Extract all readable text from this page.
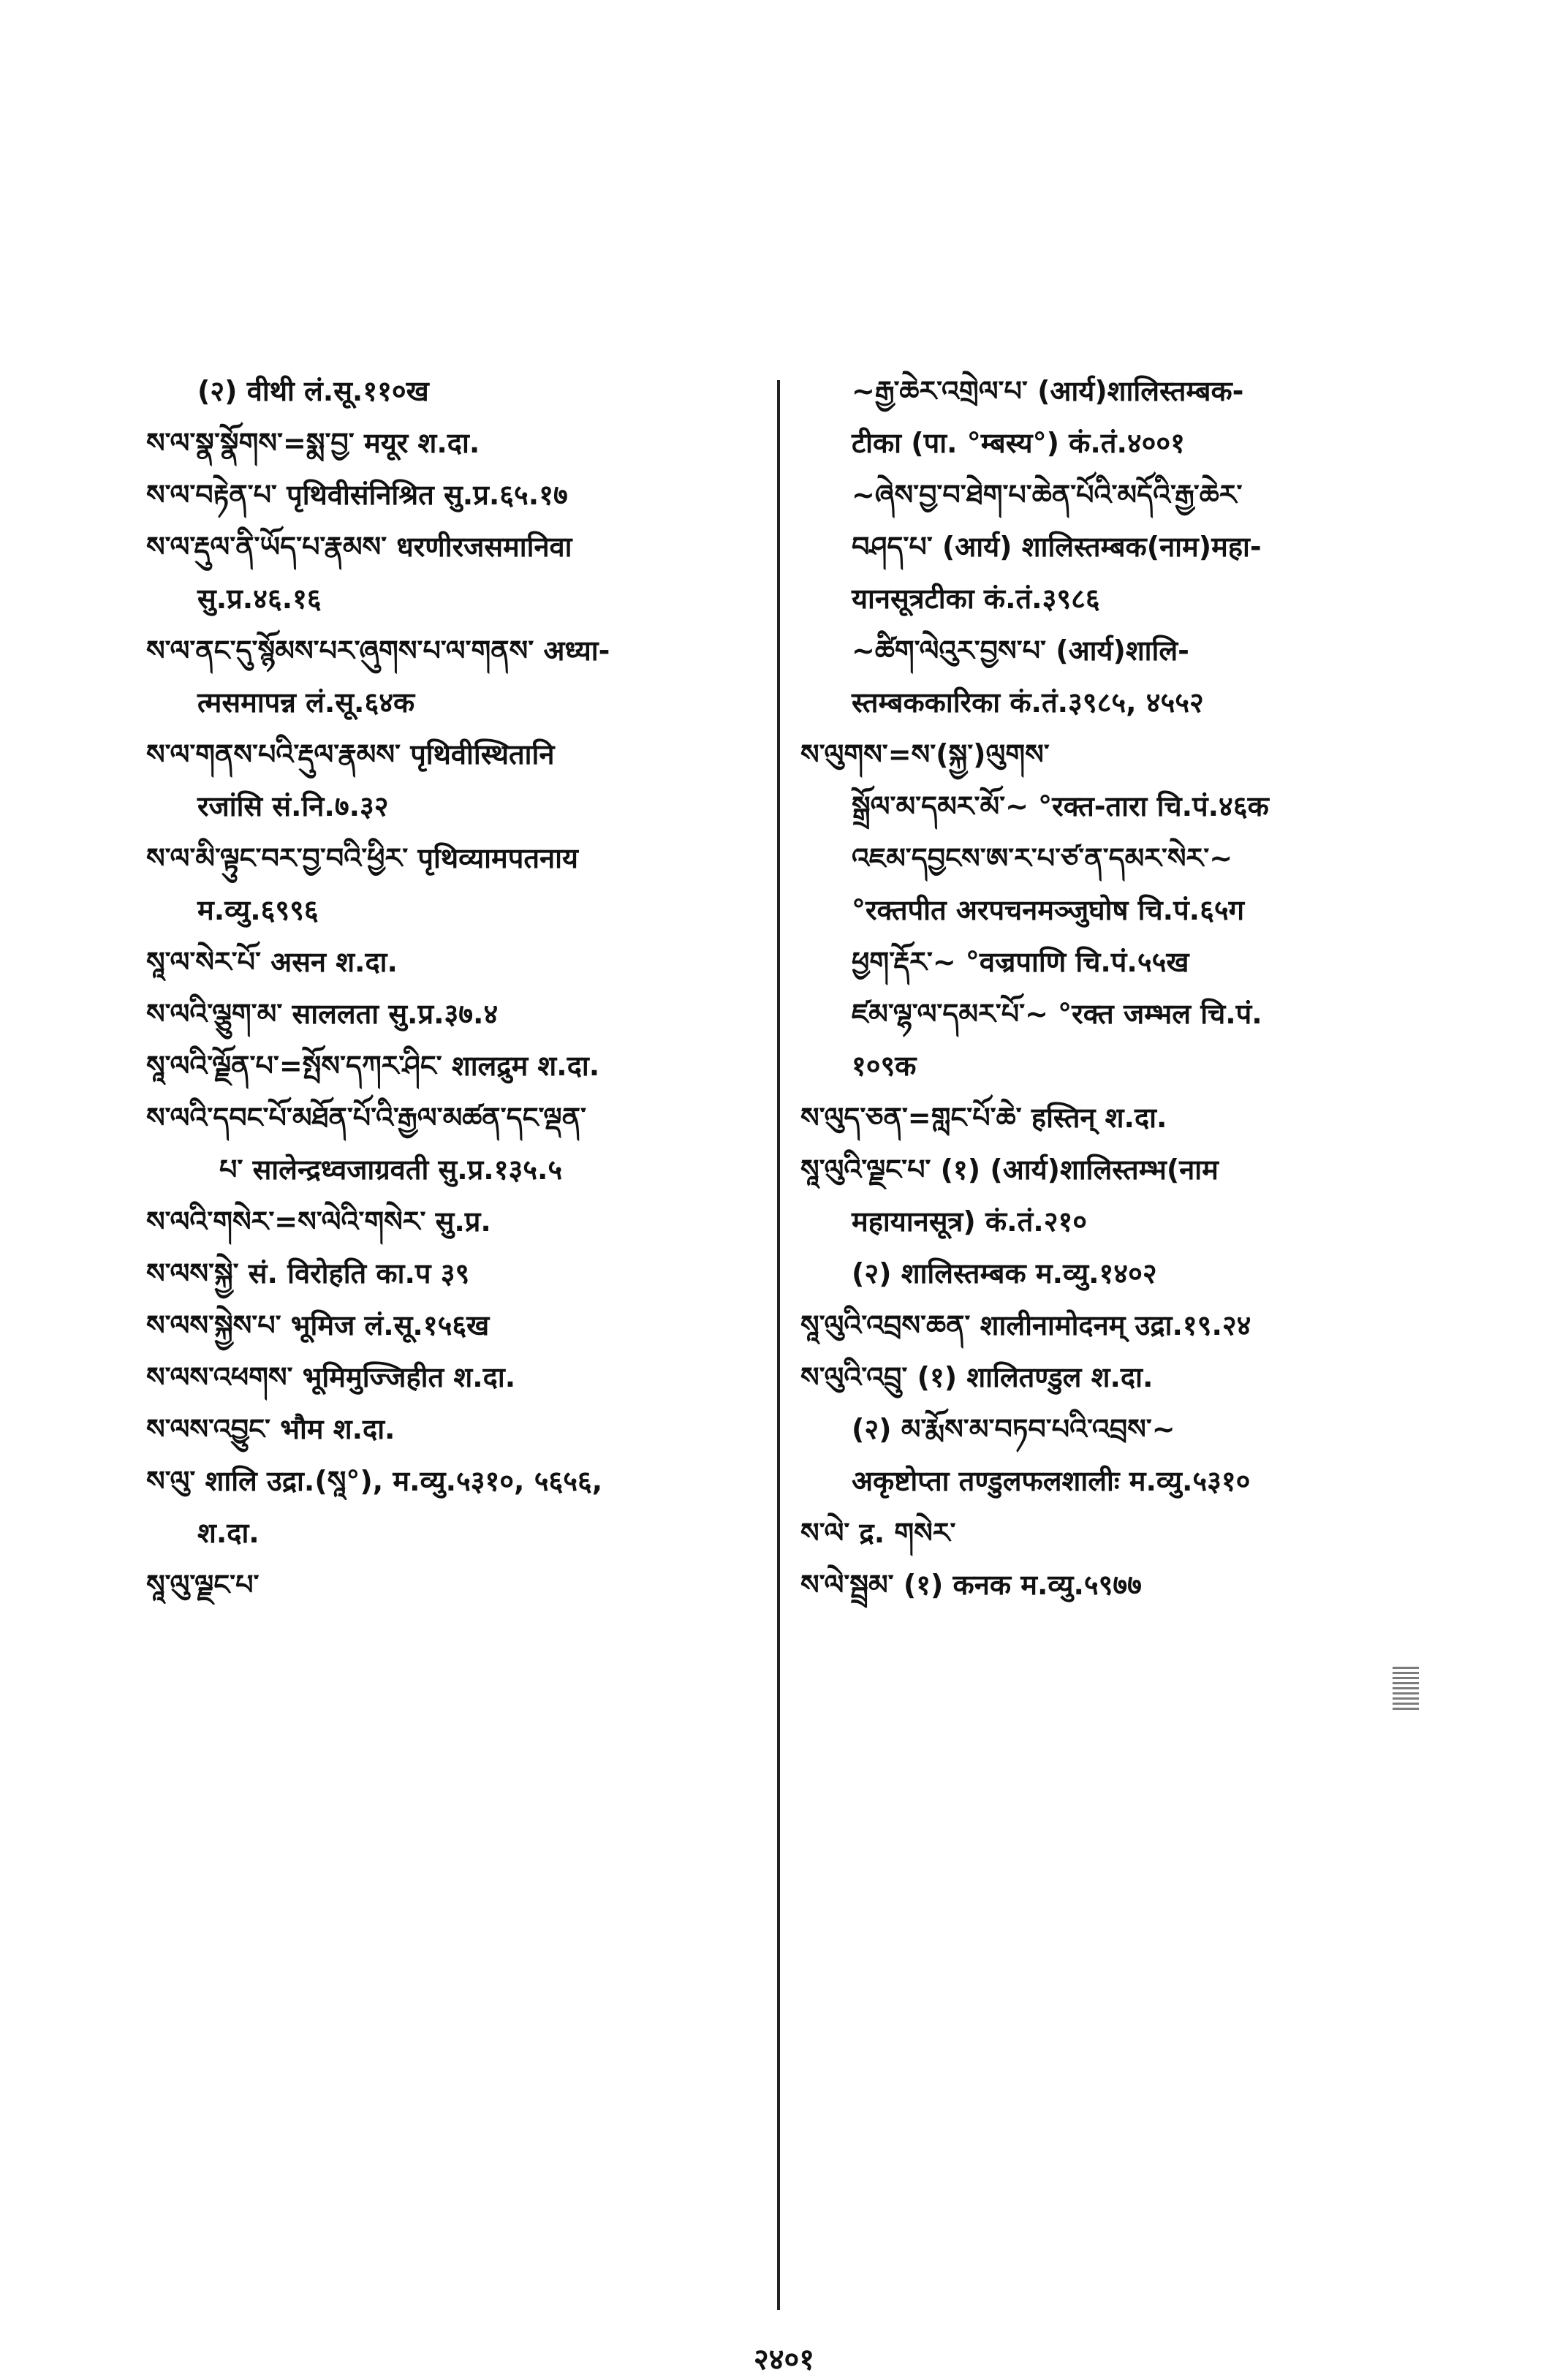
(२) वीथी लं.सू.११०ख
ས་ལ་སྣ་སྣོགས་=སྨ་བྱ་ मयूर श.दा.
ས་ལ་བརྟེན་པ་ पृथिवीसंनिश्रित सु.प्र.६५.१७
ས་ལ་རྡུལ་ནི་ཡོད་པ་རྣམས་ धरणीरजसमानिवा
सु.प्र.४६.१६
ས་ལ་ནང་དུ་སྙོམས་པར་ཞུགས་པ་ལ་གནས་ अध्या-
त्मसमापन्न लं.सू.६४क
ས་ལ་གནས་པའི་རྡུལ་རྣམས་ पृथिवीस्थितानि
रजांसि सं.नि.७.३२
ས་ལ་མི་ལྟུང་བར་བྱ་བའི་ཕྱིར་ पृथिव्यामपतनाय
म.व्यु.६९९६
སཱ་ལ་སེར་པོ་ असन श.दा.
ས་ལའི་ལྕུག་མ་ साललता सु.प्र.३७.४
སཱ་ལའི་ལྗོན་པ་=སྤོས་དཀར་ཤིང་ शालद्रुम श.दा.
ས་ལའི་དབང་པོ་མཐོན་པོ་འི་རྒྱལ་མཚན་དང་ལྡན་
པ་ सालेन्द्रध्वजाग्रवती सु.प्र.१३५.५
ས་ལའི་གསེར་=ས་ལེའི་གསེར་ सु.प्र.
ས་ལས་སྐྱེ་ सं. विरोहति का.प ३९
ས་ལས་སྐྱེས་པ་ भूमिज लं.सू.१५६ख
ས་ལས་འཕགས་ भूमिमुज्जिहीत श.दा.
ས་ལས་འབྱུང་ भौम श.दा.
ས་ལུ་ शालि उद्रा.(སཱ°), म.व्यु.५३१०, ५६५६,
श.दा.
སཱ་ལུ་ལྗང་པ་
~རྒྱ་ཆེར་འགྲེལ་པ་ (आर्य)शालिस्तम्बक-
टीका (पा. °म्बस्य°) कं.तं.४००१
~ཞེས་བྱ་བ་ཐེག་པ་ཆེན་པོའི་མདོའི་རྒྱ་ཆེར་
བཤད་པ་ (आर्य) शालिस्तम्बक(नाम)महा-
यानसूत्रटीका कं.तं.३९८६
~ཚིག་ལེའུར་བྱས་པ་ (आर्य)शालि-
स्तम्बककारिका कं.तं.३९८५, ४५५२
ས་ལུགས་=ས་(སྐྱ་)ལུགས་
སྒྲོལ་མ་དམར་མོ་~ °रक्त-तारा चि.पं.४६क
འཇམ་དབྱངས་ཨ་ར་པ་ཙ་ན་དམར་སེར་~
°रक्तपीत अरपचनमञ्जुघोष चि.पं.६५ग
ཕྱག་རྡོར་~ °वज्रपाणि चि.पं.५५ख
ཛམ་ལྷ་ལ་དམར་པོ་~ °रक्त जम्भल चि.पं.
१०९क
ས་ལུད་ཅན་=གླང་པོ་ཆེ་ हस्तिन् श.दा.
སཱ་ལུའི་ལྗང་པ་ (१) (आर्य)शालिस्तम्भ(नाम
महायानसूत्र) कं.तं.२१०
(२) शालिस्तम्बक म.व्यु.१४०२
སཱ་ལུའི་འབྲས་ཆན་ शालीनामोदनम् उद्रा.१९.२४
ས་ལུའི་འབྲུ་ (१) शालितण्डुल श.दा.
(२) མ་རྨོས་མ་བཏབ་པའི་འབྲས་~
अकृष्टोप्ता तण्डुलफलशालीः म.व्यु.५३१०
ས་ལེ་ द्र. གསེར་
ས་ལེ་སྦྲམ་ (१) कनक म.व्यु.५९७७
२४०१
